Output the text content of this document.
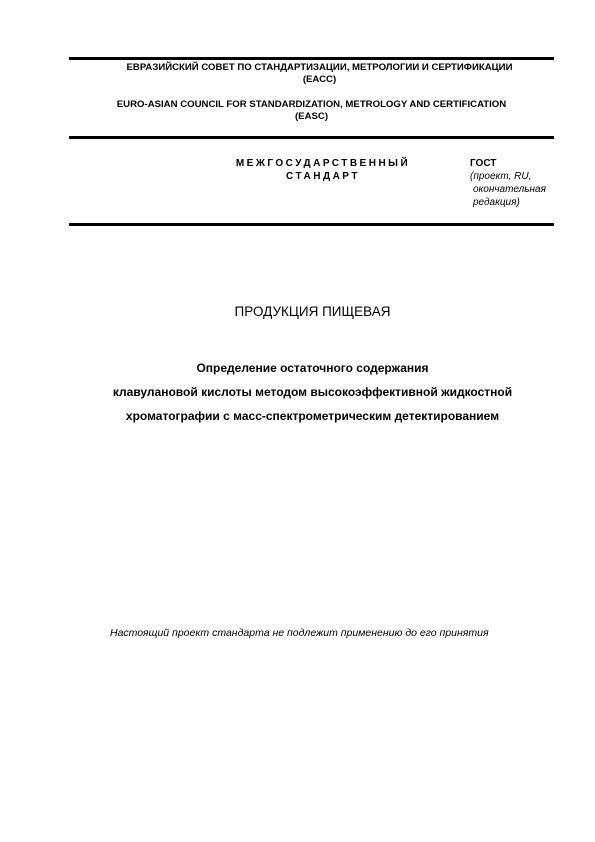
ЕВРАЗИЙСКИЙ СОВЕТ ПО СТАНДАРТИЗАЦИИ, МЕТРОЛОГИИ И СЕРТИФИКАЦИИ
(ЕАСС)
EURO-ASIAN COUNCIL FOR STANDARDIZATION, METROLOGY AND CERTIFICATION
(EASC)
МЕЖГОСУДАРСТВЕННЫЙ
СТАНДАРТ
ГОСТ
(проект, RU,
окончательная
редакция)
ПРОДУКЦИЯ ПИЩЕВАЯ
Определение остаточного содержания
клавулановой кислоты методом высокоэффективной жидкостной
хроматографии с масс-спектрометрическим детектированием
Настоящий проект стандарта не подлежит применению до его принятия
